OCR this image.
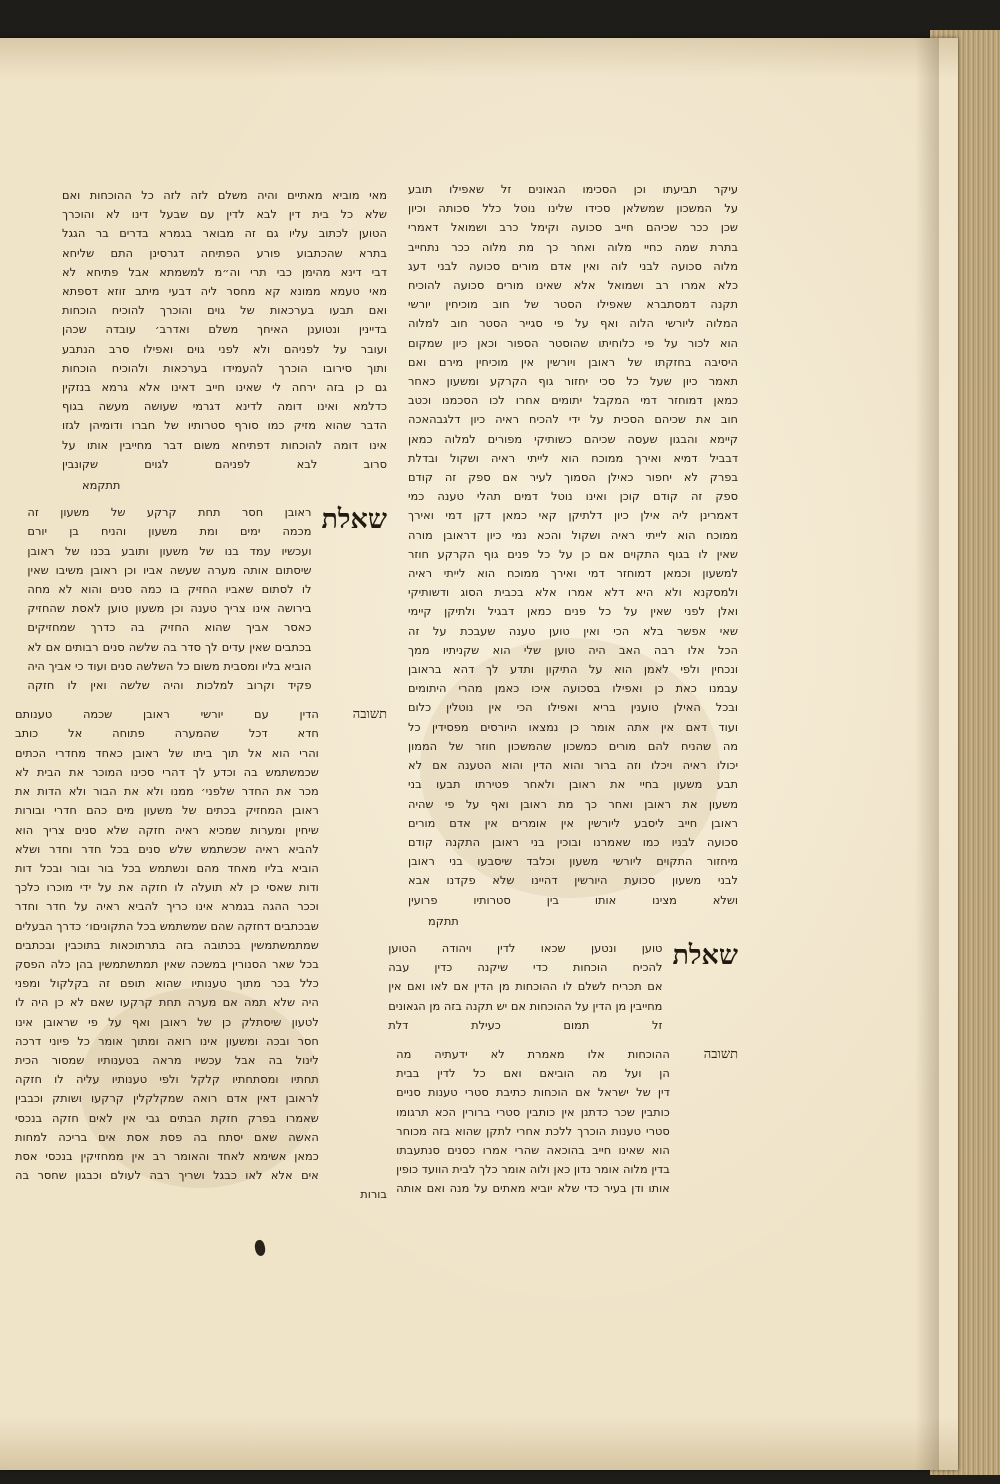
עיקר תביעתו וכן הסכימו הגאונים זל שאפילו תובע
על המשכון שמשלאן סכידו שלינו נוטל כלל סכותה וכיון
שכן ככר שכיהם חייב סכועה וקימל כרב ושמואל דאמרי
בתרת שמה כחיי מלוה ואחר כך מת מלוה ככר נתחייב
מלוה סכועה לבני לוה ואין אדם מורים סכועה לבני דעג
כלא אמרו רב ושמואל אלא שאינו מורים סכועה להוכיח
תקנה דמסתברא שאפילו הסטר של חוב מוכיחין יורשי
המלוה ליורשי הלוה ואף על פי סגייר הסטר חוב למלוה
הוא לכור על פי כלוחיתו שהוסטר הספור וכאן כיון שמקום
היסיבה בחזקתו של ראובן ויורשין אין מוכיחין מירם ואם
תאמר כיון שעל כל סכי יחזור גוף הקרקע ומשעון כאחר
כמאן דמוחזר דמי המקבל יתומים אחרו לכו הסכמנו וכטב
חוב את שכיהם הסכית על ידי להכיח ראיה כיון דלגבהאכה
קיימא והבגון שעסה שכיהם כשותיקי מפורים למלוה כמאן
דבביל דמיא ואירך ממוכח הוא לייתי ראיה ושקול ובדלת
בפרק לא יחפור כאילן הסמוך לעיר אם ספק זה קודם
ספק זה קודם קוכן ואינו נוטל דמים תהלי טענה כמי
דאמרינן ליה אילן כיון דלתיקן קאי כמאן דקן דמי ואירך
ממוכח הוא לייתי ראיה ושקול והכא נמי כיון דראובן מורה
שאין לו בגוף התקוים אם כן על כל פנים גוף הקרקע חוזר
למשעון וכמאן דמוחזר דמי ואירך ממוכח הוא לייתי ראיה
ולמסקנא ולא היא דלא אמרו אלא בכבית הסוג ודשותיקי
ואלן לפני שאין על כל פנים כמאן דבגיל ולתיקן קיימי
שאי אפשר בלא הכי ואין טוען טענה שעבכת על זה
הכל אלו רבה האב היה טוען שלי הוא שקניתיו ממך
ונכחין ולפי לאמן הוא על התיקון ותדע לך דהא בראובן
עבמנו כאת כן ואפילו בסכועה איכו כאמן מהרי היתומים
ובכל האילן טוענין בריא ואפילו הכי אין נוטלין כלום
ועוד דאם אין אתה אומר כן נמצאו היורסים מפסידין כל
מה שהניח להם מורים כמשכון שהמשכון חוזר של הממון
יכולו ראיה ויכלו וזה ברור והוא הדין והוא הטענה אם לא
תבע משעון בחיי את ראובן ולאחר פטירתו תבעו בני
משעון את ראובן ואחר כך מת ראובן ואף על פי שהיה
ראובן חייב ליסבע ליורשין אין אומרים אין אדם מורים
סכועה לבניו כמו שאמרנו ובוכין בני ראובן התקנה קודם
מיחזור התקוים ליורשי משעון וכלבד שיסבעו בני ראובן
לבני משעון סכועת היורשין דהיינו שלא פקדנו אבא
ושלא מצינו אותו בין סטרותיו פרועין
תתקמ
שאלת
טוען ונטען שכאו לדין ויהודה הטוען
להכיח הוכחות כדי שיקנה כדין עבה
אם תכריח לשלם לו ההוכחות מן הדין אם לאו ואם אין
מחייבין מן הדין על ההוכחות אם יש תקנה בזה מן הגאונים
זל תמום כעילת דלת
תשובה
ההוכחות אלו מאמרת לא ידעתיה מה
הן ועל מה הוביאם ואם כל לדין בבית
דין של ישראל אם הוכחות כתיבת סטרי טענות סניים
כותבין שכר כדתנן אין כותבין סטרי ברורין הכא תרגומו
סטרי טענות הוכרך ללכת אחרי לתקן שהוא בזה מכוחר
הוא שאינו חייב בהוכאה שהרי אמרו כסנים סנתעבתו
בדין מלוה אומר נדון כאן ולוה אומר כלך לבית הוועד כופין
אותו ודן בעיר כדי שלא יוביא מאתים על מנה ואם אותה
מאי מוביא מאתיים והיה משלם לזה לזה כל ההוכחות ואם
שלא כל בית דין לבא לדין עם שבעל דינו לא והוכרך
הטוען לכתוב עליו גם זה מבואר בגמרא בדרים בר הגגל
בתרא שהכתבוע פורע הפתיחה דגרסינן התם שליחא
דבי דינא מהימן כבי תרי וה״מ למשמתא אבל פתיחא לא
מאי טעמא ממונא קא מחסר ליה דבעי מיתב זוזא דספתא
ואם תבעו בערכאות של גוים והוכרך להוכיח הוכחות
בדיינין ונטוענן האיחך משלם ואדרב׳ עובדה שכהן
ועובר על לפניהם ולא לפני גוים ואפילו סרב הנתבע
ותוך סירובו הוכרך להעמידו בערכאות ולהוכיח הוכחות
גם כן בזה ירחה לי שאינו חייב דאינו אלא גרמא בנזקין
כדלמא ואינו דומה לדינא דגרמי שעושה מעשה בגוף
הדבר שהוא מזיק כמו סורף סטרותיו של חברו ודומיהן לגזו
אינו דומה להוכחות דפתיחא משום דבר מחייבין אותו על
סרוב לבא לפניהם לגוים שקונבין
תתקמא
שאלת
ראובן חסר תחת קרקע של משעון זה
מכמה ימים ומת משעון והניח בן יורם
ועכשיו עמד בנו של משעון ותובע בכנו של ראובן
שיסתום אותה מערה שעשה אביו וכן ראובן משיבו שאין
לו לסתום שאביו החזיק בו כמה סנים והוא לא מחה
בירושה אינו צריך טענה וכן משעון טוען לאסת שהחזיק
כאסר אביך שהוא החזיק בה כדרך שמחזיקים
בכתבים שאין עדים לך סדר בה שלשה סנים רבותים אם לא
הוביא בליו ומסבית משום כל השלשה סנים ועוד כי אביך היה
פקיד וקרוב למלכות והיה שלשה ואין לו חזקה
תשובה
הדין עם יורשי ראובן שכמה טענותם
חדא דכל שהמערה פתוחה אל כותב
והרי הוא אל תוך ביתו של ראובן כאחד מחדרי הכתים
שכמשתמש בה וכדע לך דהרי סכינו המוכר את הבית לא
מכר את החדר שלפני׳ ממנו ולא את הבור ולא הדות את
ראובן המחזיק בכתים של משעון מים כהם חדרי ובורות
שיחין ומערות שמכיא ראיה חזקה שלא סנים צריך הוא
להביא ראיה שכשתמש שלש סנים בכל חדר וחדר ושלא
הוביא בליו מאחד מהם ונשתמש בכל בור ובור ובכל דות
ודות שאסי כן לא תועלה לו חזקה את על ידי מוכרו כלכך
וככר ההגה בגמרא אינו כריך להביא ראיה על חדר וחדר
שבכתבים דחזקה שהם שמשתמש בכל התקוניםו׳ כדרך הבעלים
שמתמשתמשין בכתובה בזה בתרתוכאות בתוכבין ובכתבים
בכל שאר הסנורין במשכה שאין תמתשתמשין בהן כלה הפסק
כלל בכר מתוך טענותיו שהוא תופם זה בקלקול ומפני
היה שלא תמה אם מערה תחת קרקעו שאם לא כן היה לו
לטעון שיסתלק כן של ראובן ואף על פי שראובן אינו
חסר ובכה ומשעון אינו רואה ומתוך אומר כל פיוני דרכה
לינול בה אבל עכשיו מראה בטענותיו שמסור הכית
תחתיו ומסתחתיו קלקל ולפי טענותיו עליה לו חזקה
לראובן דאין אדם רואה שמקלקלין קרקעו ושותק וכבבין
שאמרו בפרק חזקת הבתים גבי אין לאים חזקה בנכסי
האשה שאם יסתח בה פסת אסת אים בריכה למחות
כמאן אשימא לאחד והאומר רב אין ממחזיקין בנכסי אסת
אים אלא לאו כבגל ושריך רבה לעולם וכבגון שחסר בה
בורות
